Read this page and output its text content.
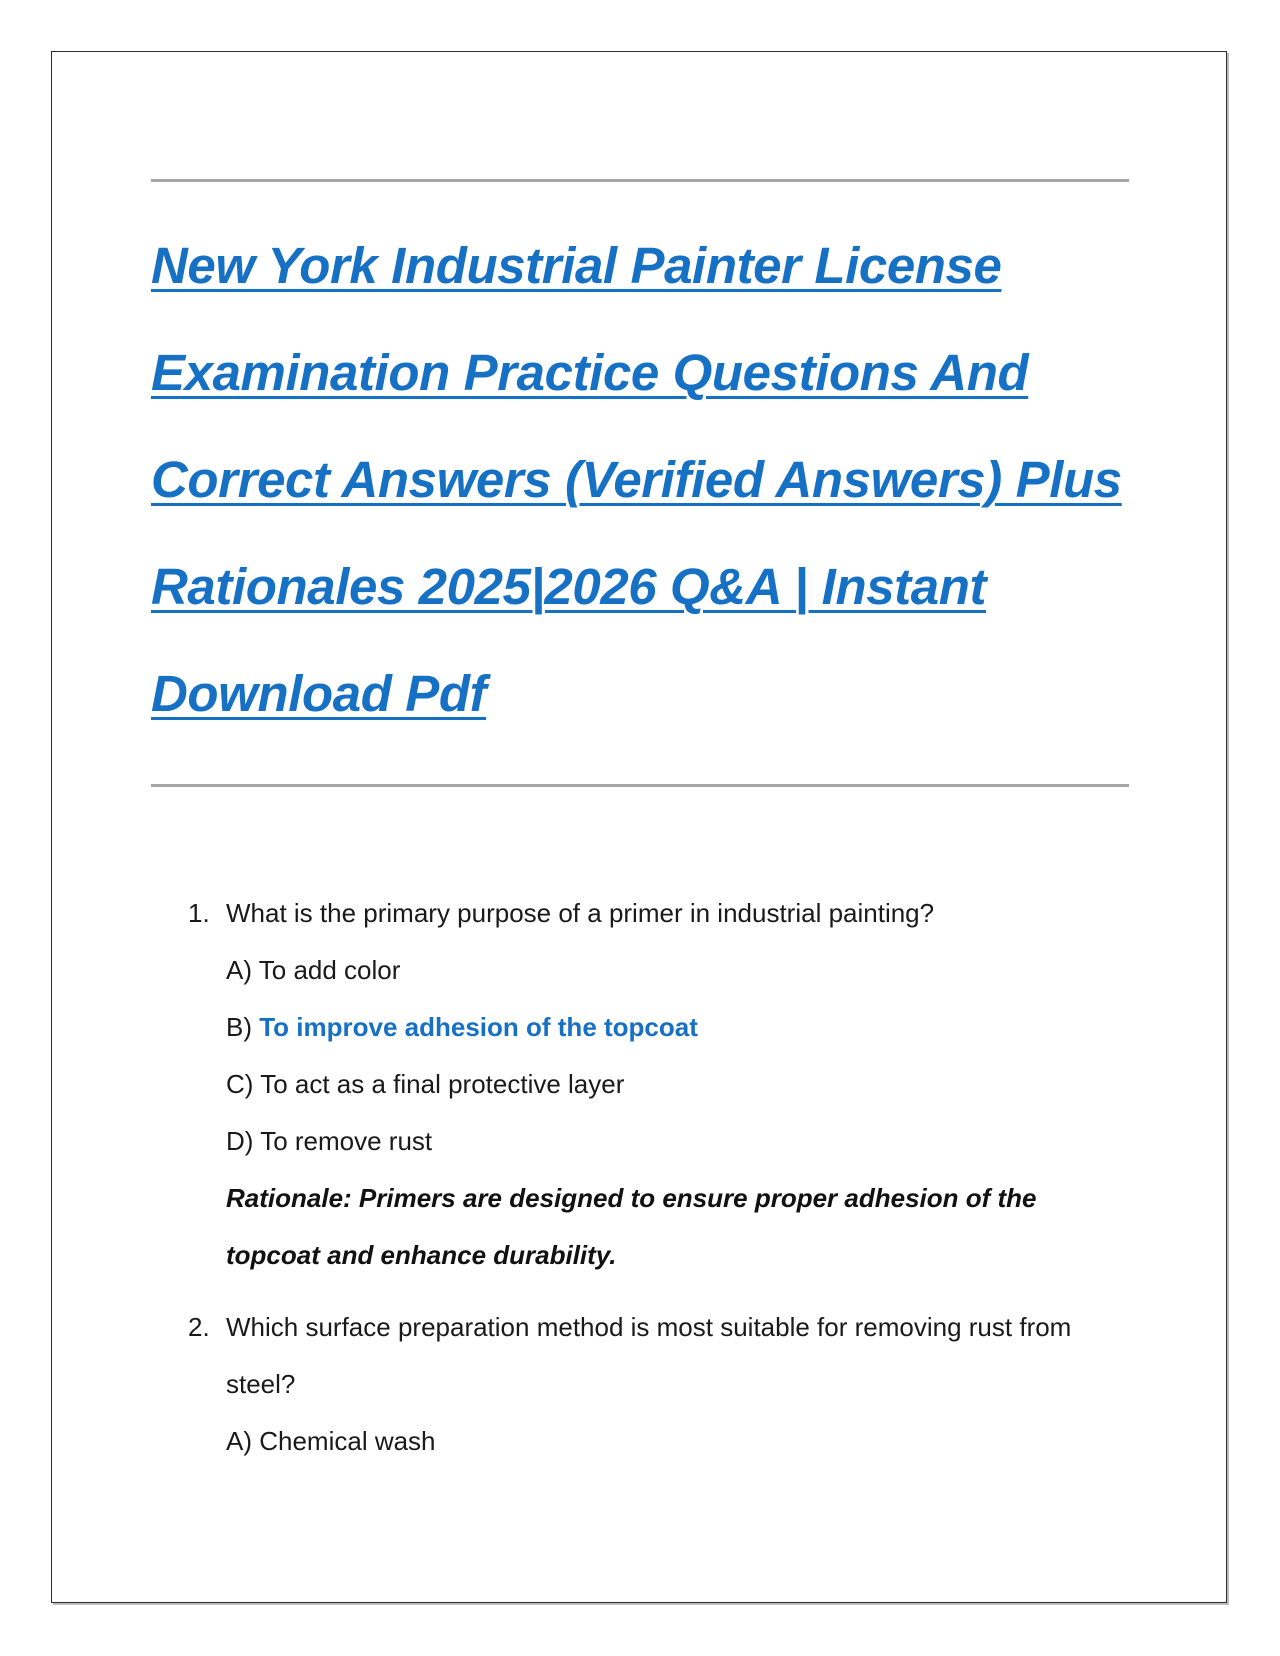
New York Industrial Painter License
Examination Practice Questions And
Correct Answers (Verified Answers) Plus
Rationales 2025|2026 Q&A | Instant
Download Pdf
1. What is the primary purpose of a primer in industrial painting?
A) To add color
B) To improve adhesion of the topcoat
C) To act as a final protective layer
D) To remove rust
Rationale: Primers are designed to ensure proper adhesion of the topcoat and enhance durability.
2. Which surface preparation method is most suitable for removing rust from steel?
A) Chemical wash
